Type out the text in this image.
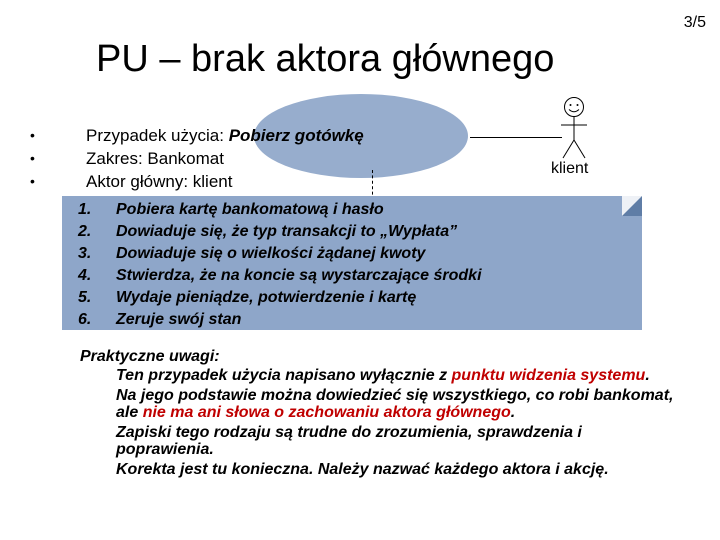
3/5
PU – brak aktora głównego
•	Przypadek użycia: Pobierz gotówkę
•	Zakres: Bankomat
•	Aktor główny: klient
klient
1. Pobiera kartę bankomatową i hasło
2. Dowiaduje się, że typ transakcji to „Wypłata”
3. Dowiaduje się o wielkości żądanej kwoty
4. Stwierdza, że na koncie są wystarczające środki
5. Wydaje pieniądze, potwierdzenie i kartę
6. Zeruje swój stan
Praktyczne uwagi:
Ten przypadek użycia napisano wyłącznie z punktu widzenia systemu.
Na jego podstawie można dowiedzieć się wszystkiego, co robi bankomat, ale nie ma ani słowa o zachowaniu aktora głównego.
Zapiski tego rodzaju są trudne do zrozumienia, sprawdzenia i poprawienia.
Korekta jest tu konieczna. Należy nazwać każdego aktora i akcję.
